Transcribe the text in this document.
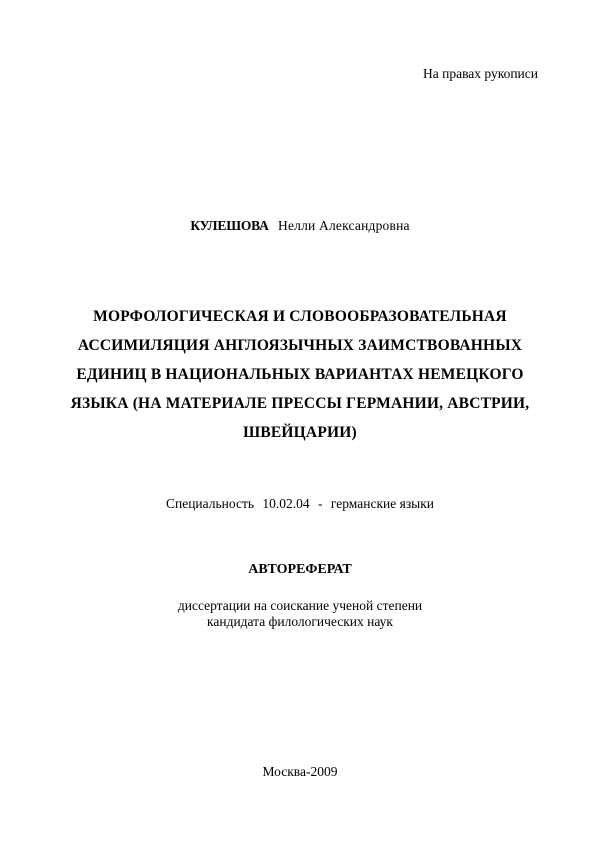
На правах рукописи
КУЛЕШОВА Нелли Александровна
МОРФОЛОГИЧЕСКАЯ И СЛОВООБРАЗОВАТЕЛЬНАЯ
АССИМИЛЯЦИЯ АНГЛОЯЗЫЧНЫХ ЗАИМСТВОВАННЫХ
ЕДИНИЦ В НАЦИОНАЛЬНЫХ ВАРИАНТАХ НЕМЕЦКОГО
ЯЗЫКА (НА МАТЕРИАЛЕ ПРЕССЫ ГЕРМАНИИ, АВСТРИИ,
ШВЕЙЦАРИИ)
Специальность 10.02.04 - германские языки
АВТОРЕФЕРАТ
диссертации на соискание ученой степени
кандидата филологических наук
Москва-2009
